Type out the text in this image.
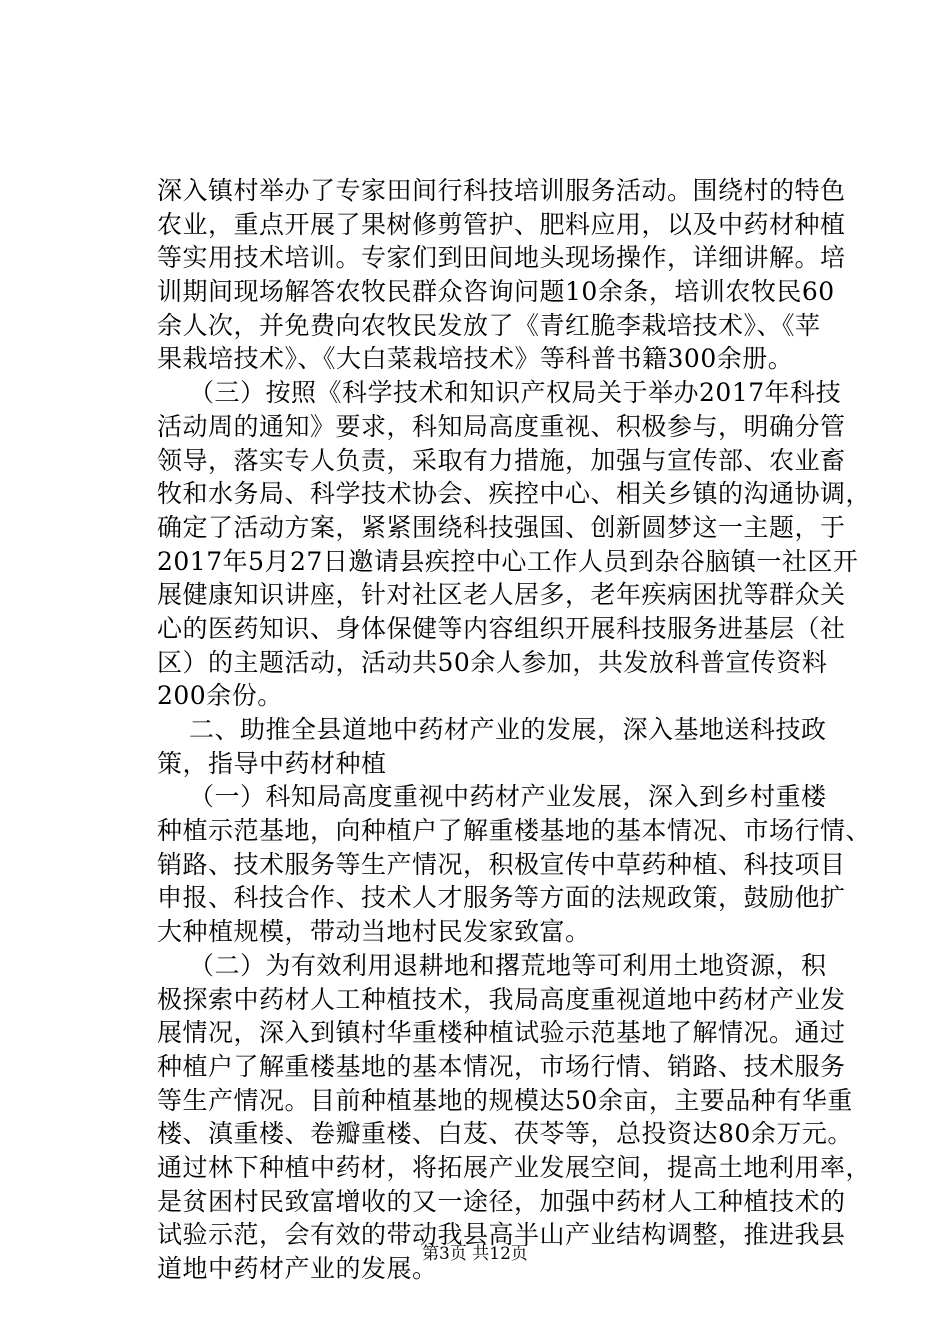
深入镇村举办了专家田间行科技培训服务活动。围绕村的特色
农业，重点开展了果树修剪管护、肥料应用，以及中药材种植
等实用技术培训。专家们到田间地头现场操作，详细讲解。培
训期间现场解答农牧民群众咨询问题10余条，培训农牧民60
余人次，并免费向农牧民发放了《青红脆李栽培技术》、《苹
果栽培技术》、《大白菜栽培技术》等科普书籍300余册。
（三）按照《科学技术和知识产权局关于举办2017年科技
活动周的通知》要求，科知局高度重视、积极参与，明确分管
领导，落实专人负责，采取有力措施，加强与宣传部、农业畜
牧和水务局、科学技术协会、疾控中心、相关乡镇的沟通协调，
确定了活动方案，紧紧围绕科技强国、创新圆梦这一主题，于
2017年5月27日邀请县疾控中心工作人员到杂谷脑镇一社区开
展健康知识讲座，针对社区老人居多，老年疾病困扰等群众关
心的医药知识、身体保健等内容组织开展科技服务进基层（社
区）的主题活动，活动共50余人参加，共发放科普宣传资料
200余份。
二、助推全县道地中药材产业的发展，深入基地送科技政
策，指导中药材种植
（一）科知局高度重视中药材产业发展，深入到乡村重楼
种植示范基地，向种植户了解重楼基地的基本情况、市场行情、
销路、技术服务等生产情况，积极宣传中草药种植、科技项目
申报、科技合作、技术人才服务等方面的法规政策，鼓励他扩
大种植规模，带动当地村民发家致富。
（二）为有效利用退耕地和撂荒地等可利用土地资源，积
极探索中药材人工种植技术，我局高度重视道地中药材产业发
展情况，深入到镇村华重楼种植试验示范基地了解情况。通过
种植户了解重楼基地的基本情况，市场行情、销路、技术服务
等生产情况。目前种植基地的规模达50余亩，主要品种有华重
楼、滇重楼、卷瓣重楼、白芨、茯苓等，总投资达80余万元。
通过林下种植中药材，将拓展产业发展空间，提高土地利用率，
是贫困村民致富增收的又一途径，加强中药材人工种植技术的
试验示范，会有效的带动我县高半山产业结构调整，推进我县
道地中药材产业的发展。
第3页 共12页
